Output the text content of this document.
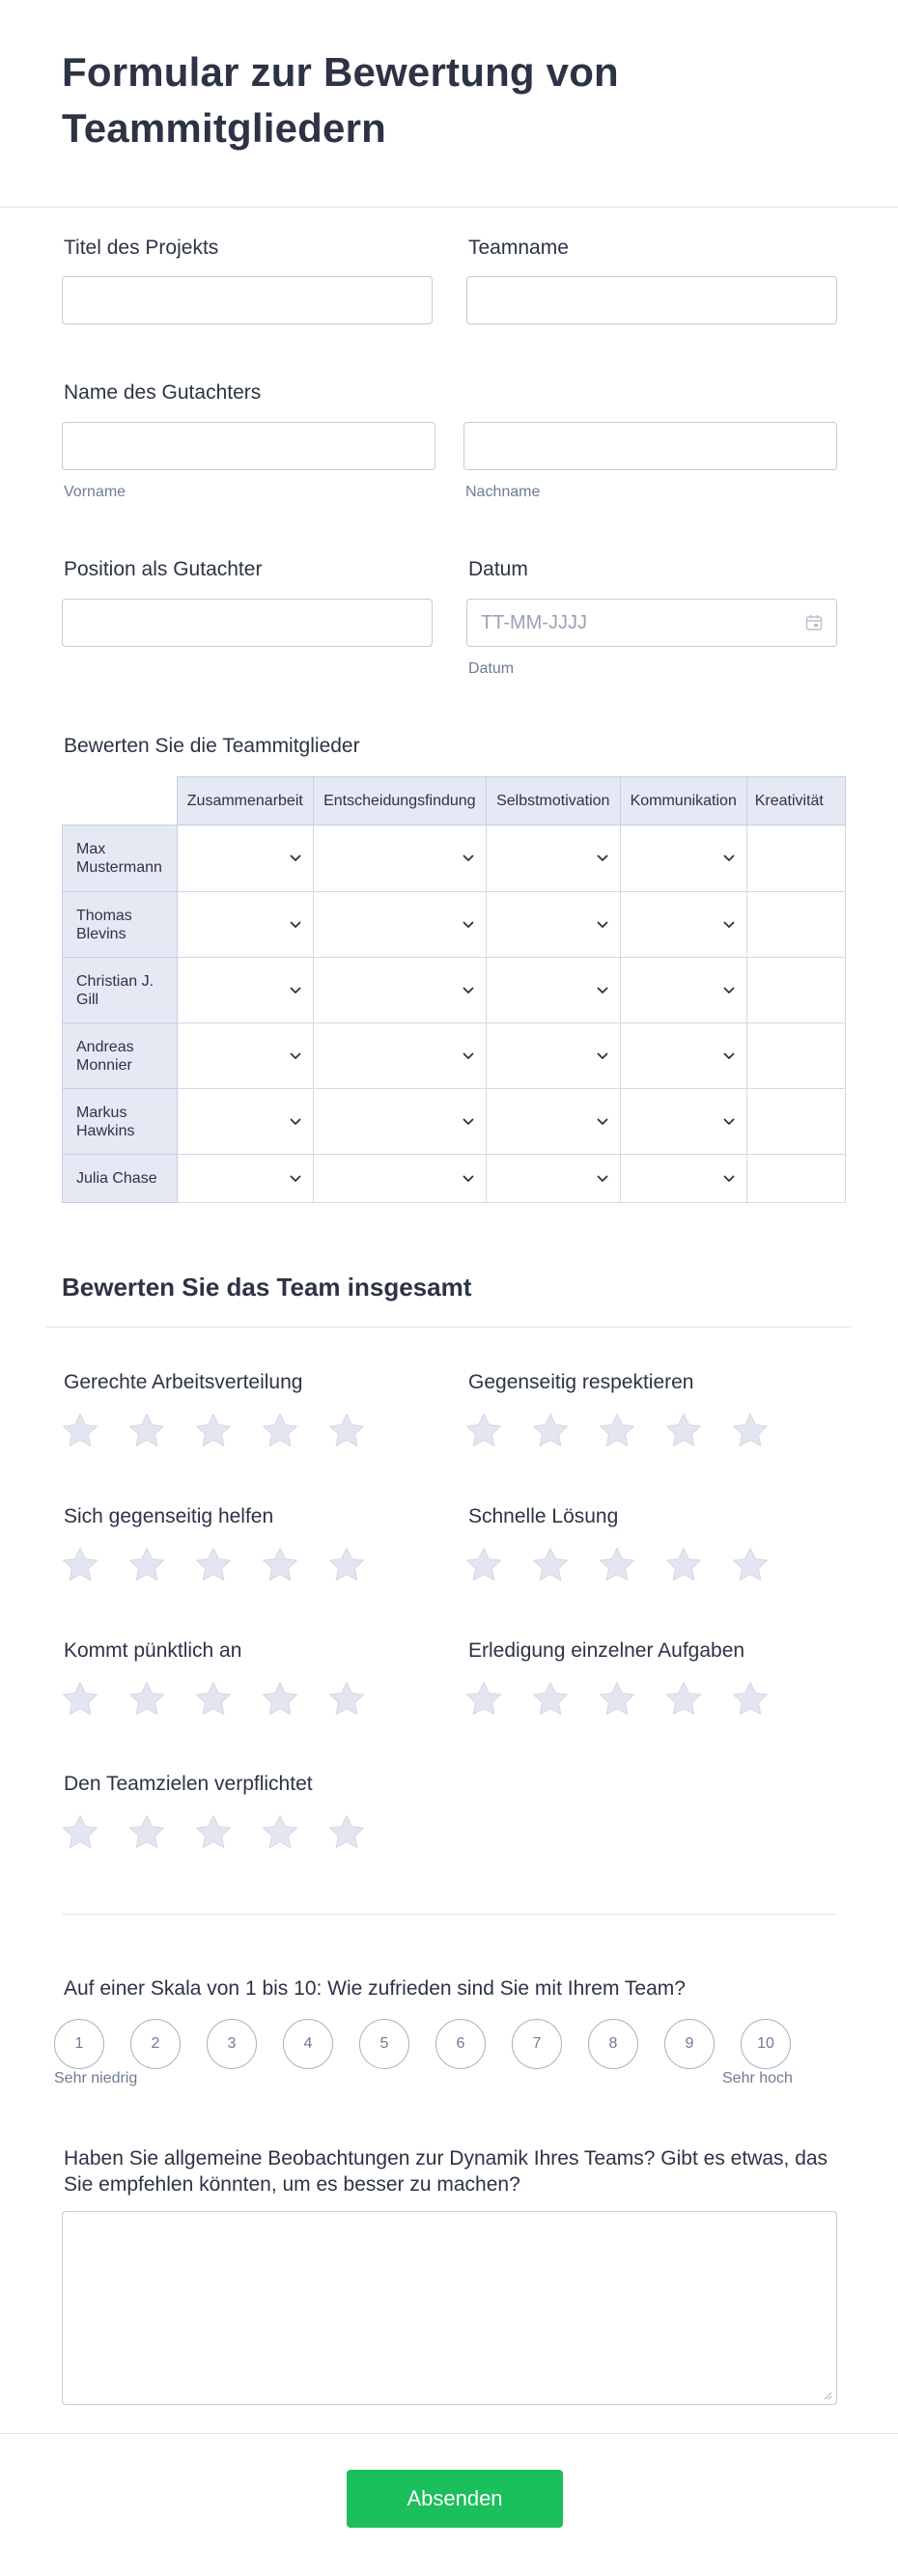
Formular zur Bewertung von Teammitgliedern
Titel des Projekts	Teamname
Name des Gutachters
Vorname	Nachname
Position als Gutachter	Datum
TT-MM-JJJJ
Datum
Bewerten Sie die Teammitglieder
	Zusammenarbeit	Entscheidungsfindung	Selbstmotivation	Kommunikation	Kreativität
Max Mustermann	

Thomas Blevins	

Christian J. Gill	

Andreas Monnier	

Markus Hawkins	

Julia Chase	

Bewerten Sie das Team insgesamt
Gerechte Arbeitsverteilung	Gegenseitig respektieren
Sich gegenseitig helfen	Schnelle Lösung
Kommt pünktlich an	Erledigung einzelner Aufgaben
Den Teamzielen verpflichtet
Auf einer Skala von 1 bis 10: Wie zufrieden sind Sie mit Ihrem Team?
1	2	3	4	5	6	7	8	9	10
Sehr niedrig	Sehr hoch
Haben Sie allgemeine Beobachtungen zur Dynamik Ihres Teams? Gibt es etwas, das Sie empfehlen könnten, um es besser zu machen?
Absenden
